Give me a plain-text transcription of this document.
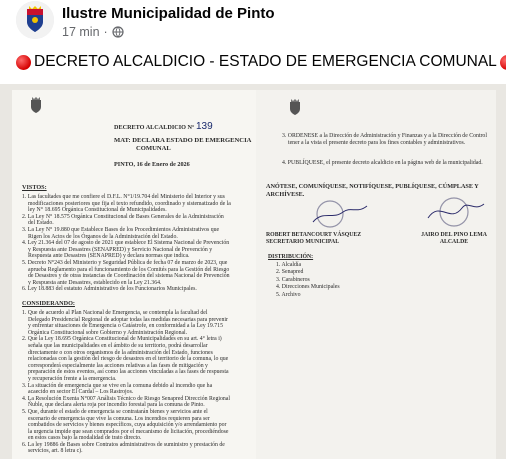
Ilustre Municipalidad de Pinto
17 min ·
DECRETO ALCALDICIO - ESTADO DE EMERGENCIA COMUNAL
DECRETO ALCALDICIO N° 139
MAT: DECLARA ESTADO DE EMERGENCIA
COMUNAL
PINTO, 16 de Enero de 2026
VISTOS:
1. Las facultades que me confiere el D.F.L. N°1/19.704 del Ministerio del Interior y sus
modificaciones posteriores que fija el texto refundido, coordinado y sistematizado de la
ley N° 18.695 Orgánica Constitucional de Municipalidades.
2. La Ley N° 18.575 Orgánica Constitucional de Bases Generales de la Administración
del Estado.
3. La Ley N° 19.880 que Establece Bases de los Procedimientos Administrativos que
Rigen los Actos de los Órganos de la Administración del Estado.
4. Ley 21.364 del 07 de agosto de 2021 que establece El Sistema Nacional de Prevención
y Respuesta ante Desastres (SENAPRED) y Servicio Nacional de Prevención y
Respuesta ante Desastres (SENAPRED) y declara normas que indica.
5. Decreto N°243 del Ministerio y Seguridad Pública de fecha 07 de marzo de 2023, que
aprueba Reglamento para el funcionamiento de los Comités para la Gestión del Riesgo
de Desastres y de otras instancias de Coordinación del sistema Nacional de Prevención
y Respuesta ante Desastres, establecido en la Ley 21.364.
6. Ley 18.883 del estatuto Administrativo de los Funcionarios Municipales.
CONSIDERANDO:
1. Que de acuerdo al Plan Nacional de Emergencia, se contempla la facultad del
Delegado Presidencial Regional de adoptar todas las medidas necesarias para prevenir
y enfrentar situaciones de Emergencia o Catástrofe, en conformidad a la Ley 19.715
Orgánica Constitucional sobre Gobierno y Administración Regional.
2. Que la Ley 18.695 Orgánica Constitucional de Municipalidades en su art. 4° letra i)
señala que las municipalidades en el ámbito de su territorio, podrá desarrollar
directamente o con otros organismos de la administración del Estado, funciones
relacionadas con la gestión del riesgo de desastres en el territorio de la comuna, lo que
corresponderá especialmente las acciones relativas a las fases de mitigación y
preparación de estos eventos, así como las acciones vinculadas a las fases de respuesta
y recuperación frente a la emergencia.
3. La situación de emergencia que se vive en la comuna debido al incendio que ha
acaecido en sector El Cardal – Los Rastrojos.
4. La Resolución Exenta N°007 Análisis Técnico de Riesgo Senapred Dirección Regional
Ñuble, que declara alerta roja por incendio forestal para la comuna de Pinto.
5. Que, durante el estado de emergencia se contratarán bienes y servicios ante el
escenario de emergencia que vive la comuna. Los incendios requieren para ser
combatidos de servicios y bienes específicos, cuya adquisición y/o arrendamiento por
la urgencia impide que sean comprados por el mecanismo de licitación, procediéndose
en estos casos bajo la modalidad de trato directo.
6. La ley 19886 de Bases sobre Contratos administrativos de suministro y prestación de
servicios, art. 8 letra c).
3. ORDENESE a la Dirección de Administración y Finanzas y a la Dirección de Control
tener a la vista el presente decreto para los fines contables y administrativos.
4. PUBLÍQUESE, el presente decreto alcaldicio en la página web de la municipalidad.
ANÓTESE, COMUNÍQUESE, NOTIFÍQUESE, PUBLÍQUESE, CÚMPLASE Y
ARCHÍVESE.
ROBERT BETANCOURT VÁSQUEZ
SECRETARIO MUNICIPAL
JAIRO DEL PINO LEMA
ALCALDE
DISTRIBUCIÓN:
1. Alcaldía
2. Senapred
3. Carabineros
4. Direcciones Municipales
5. Archivo
